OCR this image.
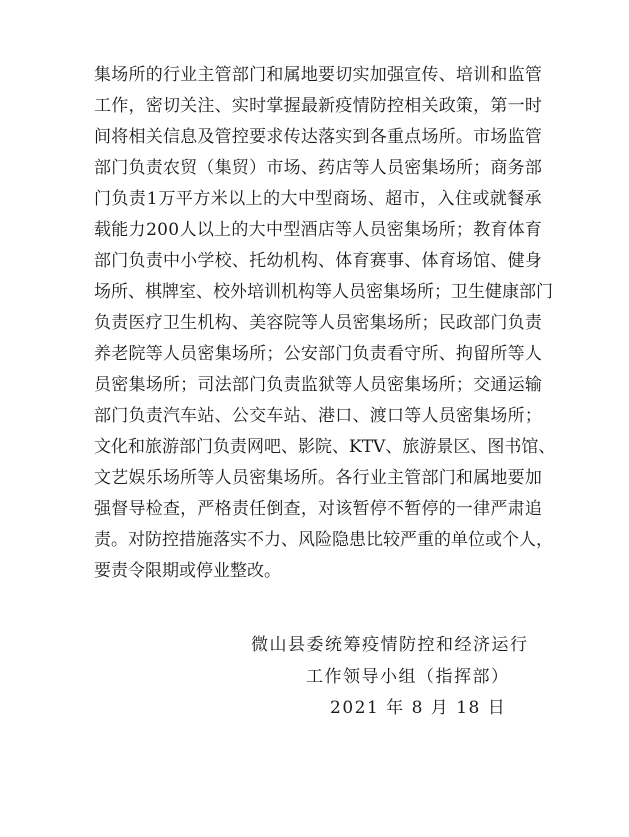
集 场 所 的 行 业 主 管 部 门 和 属 地 要 切 实 加 强 宣 传 、 培 训 和 监 管
工 作 ， 密 切 关 注 、 实 时 掌 握 最 新 疫 情 防 控 相 关 政 策 ， 第 一 时
间 将 相 关 信 息 及 管 控 要 求 传 达 落 实 到 各 重 点 场 所 。 市 场 监 管
部 门 负 责 农 贸 （ 集 贸 ） 市 场 、 药 店 等 人 员 密 集 场 所 ； 商 务 部
门 负 责 1 万 平 方 米 以 上 的 大 中 型 商 场 、 超 市 ， 入 住 或 就 餐 承
载 能 力 2 0 0 人 以 上 的 大 中 型 酒 店 等 人 员 密 集 场 所 ； 教 育 体 育
部 门 负 责 中 小 学 校 、 托 幼 机 构 、 体 育 赛 事 、 体 育 场 馆 、 健 身
场 所 、 棋 牌 室 、 校 外 培 训 机 构 等 人 员 密 集 场 所 ； 卫 生 健 康 部 门
负 责 医 疗 卫 生 机 构 、 美 容 院 等 人 员 密 集 场 所 ； 民 政 部 门 负 责
养 老 院 等 人 员 密 集 场 所 ； 公 安 部 门 负 责 看 守 所 、 拘 留 所 等 人
员 密 集 场 所 ； 司 法 部 门 负 责 监 狱 等 人 员 密 集 场 所 ； 交 通 运 输
部 门 负 责 汽 车 站 、 公 交 车 站 、 港 口 、 渡 口 等 人 员 密 集 场 所 ；
文 化 和 旅 游 部 门 负 责 网 吧 、 影 院 、 K T V 、 旅 游 景 区 、 图 书 馆 、
文 艺 娱 乐 场 所 等 人 员 密 集 场 所 。 各 行 业 主 管 部 门 和 属 地 要 加
强 督 导 检 查 ， 严 格 责 任 倒 查 ， 对 该 暂 停 不 暂 停 的 一 律 严 肃 追
责 。 对 防 控 措 施 落 实 不 力 、 风 险 隐 患 比 较 严 重 的 单 位 或 个 人 ，
要责令限期或停业整改。
微山县委统筹疫情防控和经济运行
工作领导小组（指挥部）
2021 年 8 月 18 日
